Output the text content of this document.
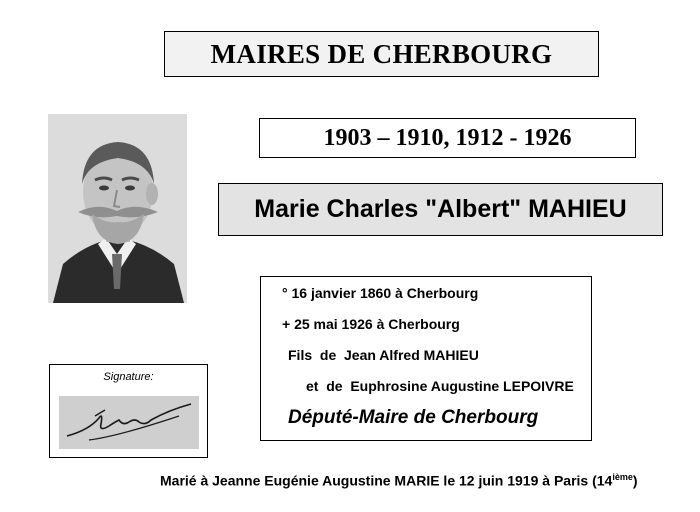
MAIRES DE CHERBOURG
1903 – 1910, 1912 - 1926
Marie Charles "Albert" MAHIEU
° 16 janvier 1860 à Cherbourg
+ 25 mai 1926 à Cherbourg
Fils  de  Jean Alfred MAHIEU
et  de  Euphrosine Augustine LEPOIVRE
Député-Maire de Cherbourg
Signature:
Marié à Jeanne Eugénie Augustine MARIE le 12 juin 1919 à Paris (14ième)
